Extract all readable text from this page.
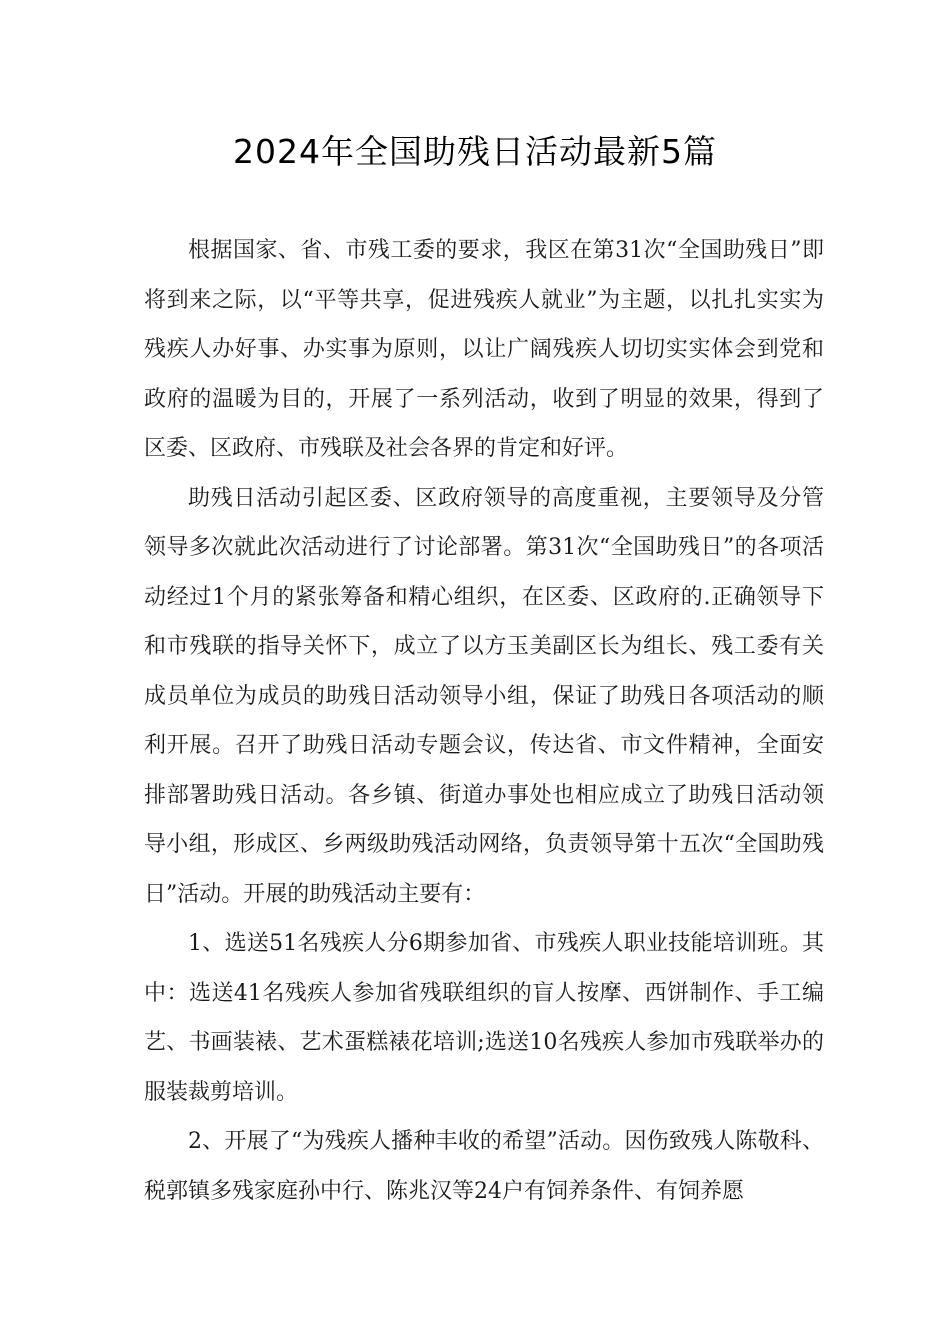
2024年全国助残日活动最新5篇

根据国家、省、市残工委的要求，我区在第31次“全国助残日”即将到来之际，以“平等共享，促进残疾人就业”为主题，以扎扎实实为残疾人办好事、办实事为原则，以让广阔残疾人切切实实体会到党和政府的温暖为目的，开展了一系列活动，收到了明显的效果，得到了区委、区政府、市残联及社会各界的肯定和好评。

助残日活动引起区委、区政府领导的高度重视，主要领导及分管领导多次就此次活动进行了讨论部署。第31次“全国助残日”的各项活动经过1个月的紧张筹备和精心组织，在区委、区政府的.正确领导下和市残联的指导关怀下，成立了以方玉美副区长为组长、残工委有关成员单位为成员的助残日活动领导小组，保证了助残日各项活动的顺利开展。召开了助残日活动专题会议，传达省、市文件精神，全面安排部署助残日活动。各乡镇、街道办事处也相应成立了助残日活动领导小组，形成区、乡两级助残活动网络，负责领导第十五次“全国助残日”活动。开展的助残活动主要有：

1、选送51名残疾人分6期参加省、市残疾人职业技能培训班。其中：选送41名残疾人参加省残联组织的盲人按摩、西饼制作、手工编艺、书画装裱、艺术蛋糕裱花培训;选送10名残疾人参加市残联举办的服装裁剪培训。

2、开展了“为残疾人播种丰收的希望”活动。因伤致残人陈敬科、税郭镇多残家庭孙中行、陈兆汉等24户有饲养条件、有饲养愿
